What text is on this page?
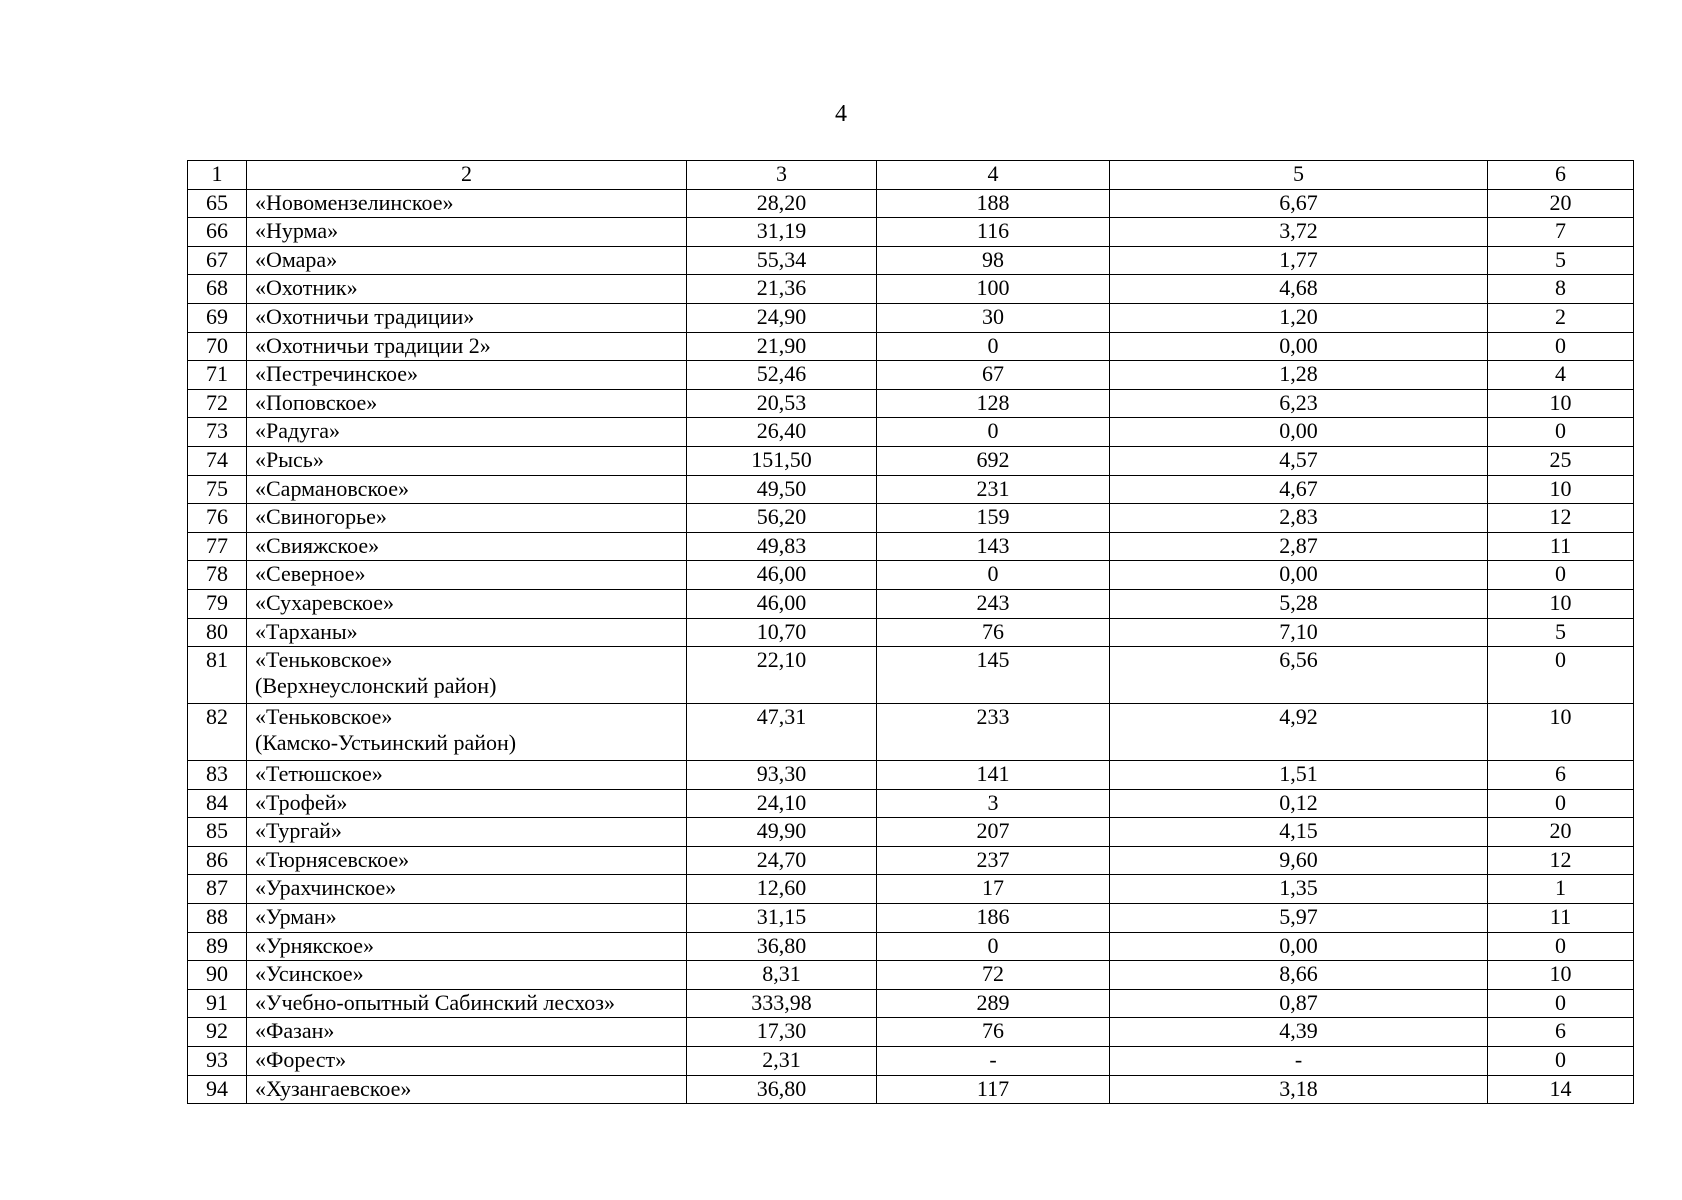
4
1	2	3	4	5	6
65	«Новомензелинское»	28,20	188	6,67	20
66	«Нурма»	31,19	116	3,72	7
67	«Омара»	55,34	98	1,77	5
68	«Охотник»	21,36	100	4,68	8
69	«Охотничьи традиции»	24,90	30	1,20	2
70	«Охотничьи традиции 2»	21,90	0	0,00	0
71	«Пестречинское»	52,46	67	1,28	4
72	«Поповское»	20,53	128	6,23	10
73	«Радуга»	26,40	0	0,00	0
74	«Рысь»	151,50	692	4,57	25
75	«Сармановское»	49,50	231	4,67	10
76	«Свиногорье»	56,20	159	2,83	12
77	«Свияжское»	49,83	143	2,87	11
78	«Северное»	46,00	0	0,00	0
79	«Сухаревское»	46,00	243	5,28	10
80	«Тарханы»	10,70	76	7,10	5
81	«Теньковское»
(Верхнеуслонский район)	22,10	145	6,56	0
82	«Теньковское»
(Камско-Устьинский район)	47,31	233	4,92	10
83	«Тетюшское»	93,30	141	1,51	6
84	«Трофей»	24,10	3	0,12	0
85	«Тургай»	49,90	207	4,15	20
86	«Тюрнясевское»	24,70	237	9,60	12
87	«Урахчинское»	12,60	17	1,35	1
88	«Урман»	31,15	186	5,97	11
89	«Урнякское»	36,80	0	0,00	0
90	«Усинское»	8,31	72	8,66	10
91	«Учебно-опытный Сабинский лесхоз»	333,98	289	0,87	0
92	«Фазан»	17,30	76	4,39	6
93	«Форест»	2,31	-	-	0
94	«Хузангаевское»	36,80	117	3,18	14
